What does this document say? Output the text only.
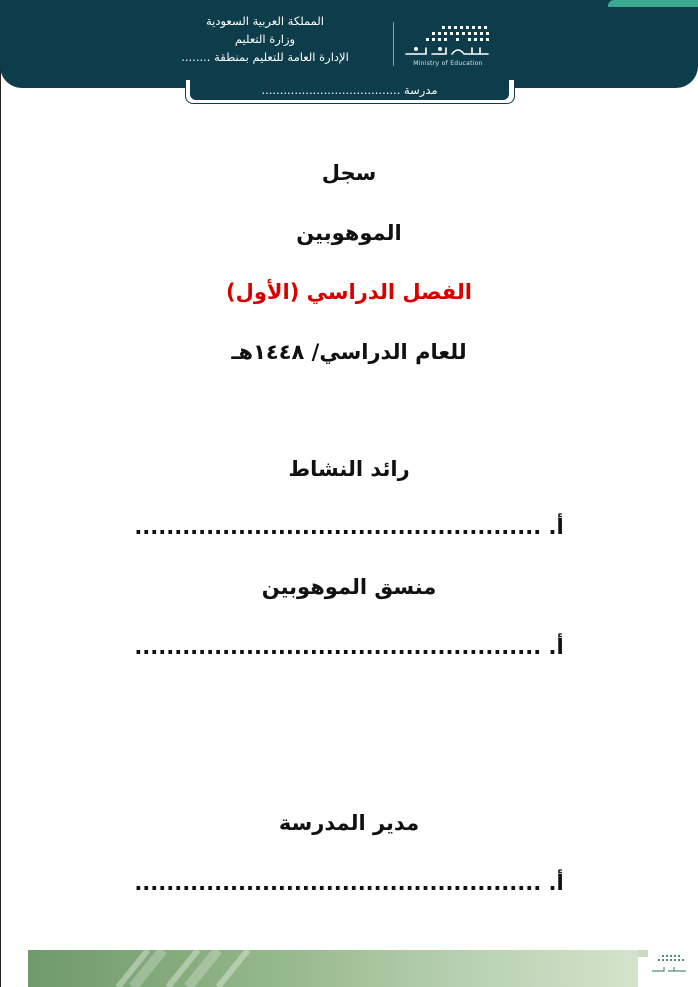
المملكة العربية السعودية
وزارة التعليم
الإدارة العامة للتعليم بمنطقة ........	Ministry of Education
مدرسة ......................................
سجل
الموهوبين
الفصل الدراسي (الأول)
للعام الدراسي/ ١٤٤٨هـ
رائد النشاط
أ. ...................................................
منسق الموهوبين
أ. ...................................................
مدير المدرسة
أ. ...................................................
